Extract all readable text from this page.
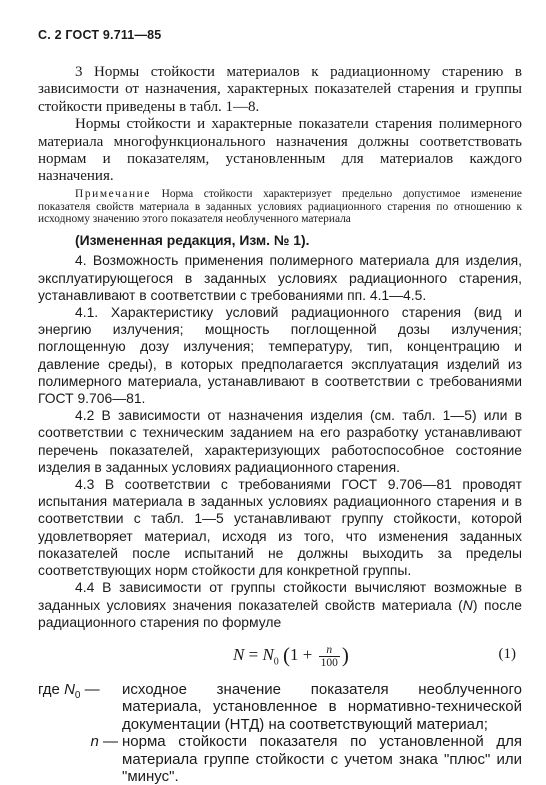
С. 2 ГОСТ 9.711—85

3 Нормы стойкости материалов к радиационному старению в зависимости от назначения, характерных показателей старения и группы стойкости приведены в табл. 1—8.

Нормы стойкости и характерные показатели старения полимерного материала многофункционального назначения должны соответствовать нормам и показателям, установленным для материалов каждого назначения.

Примечание Норма стойкости характеризует предельно допустимое изменение показателя свойств материала в заданных условиях радиационного старения по отношению к исходному значению этого показателя необлученного материала

(Измененная редакция, Изм. № 1).

4. Возможность применения полимерного материала для изделия, эксплуатирующегося в заданных условиях радиационного старения, устанавливают в соответствии с требованиями пп. 4.1—4.5.

4.1. Характеристику условий радиационного старения (вид и энергию излучения; мощность поглощенной дозы излучения; поглощенную дозу излучения; температуру, тип, концентрацию и давление среды), в которых предполагается эксплуатация изделий из полимерного материала, устанавливают в соответствии с требованиями ГОСТ 9.706—81.

4.2 В зависимости от назначения изделия (см. табл. 1—5) или в соответствии с техническим заданием на его разработку устанавливают перечень показателей, характеризующих работоспособное состояние изделия в заданных условиях радиационного старения.

4.3 В соответствии с требованиями ГОСТ 9.706—81 проводят испытания материала в заданных условиях радиационного старения и в соответствии с табл. 1—5 устанавливают группу стойкости, которой удовлетворяет материал, исходя из того, что изменения заданных показателей после испытаний не должны выходить за пределы соответствующих норм стойкости для конкретной группы.

4.4 В зависимости от группы стойкости вычисляют возможные в заданных условиях значения показателей свойств материала (N) после радиационного старения по формуле

$N = N_0$ ($1 + \frac{n}{100}$ )	(1)
где $N_0$ —	исходное значение показателя необлученного материала, установленное в нормативно-технической документации (НТД) на соответствующий материал;
n — норма стойкости показателя по установленной для материала группе стойкости с учетом знака "плюс" или "минус".
